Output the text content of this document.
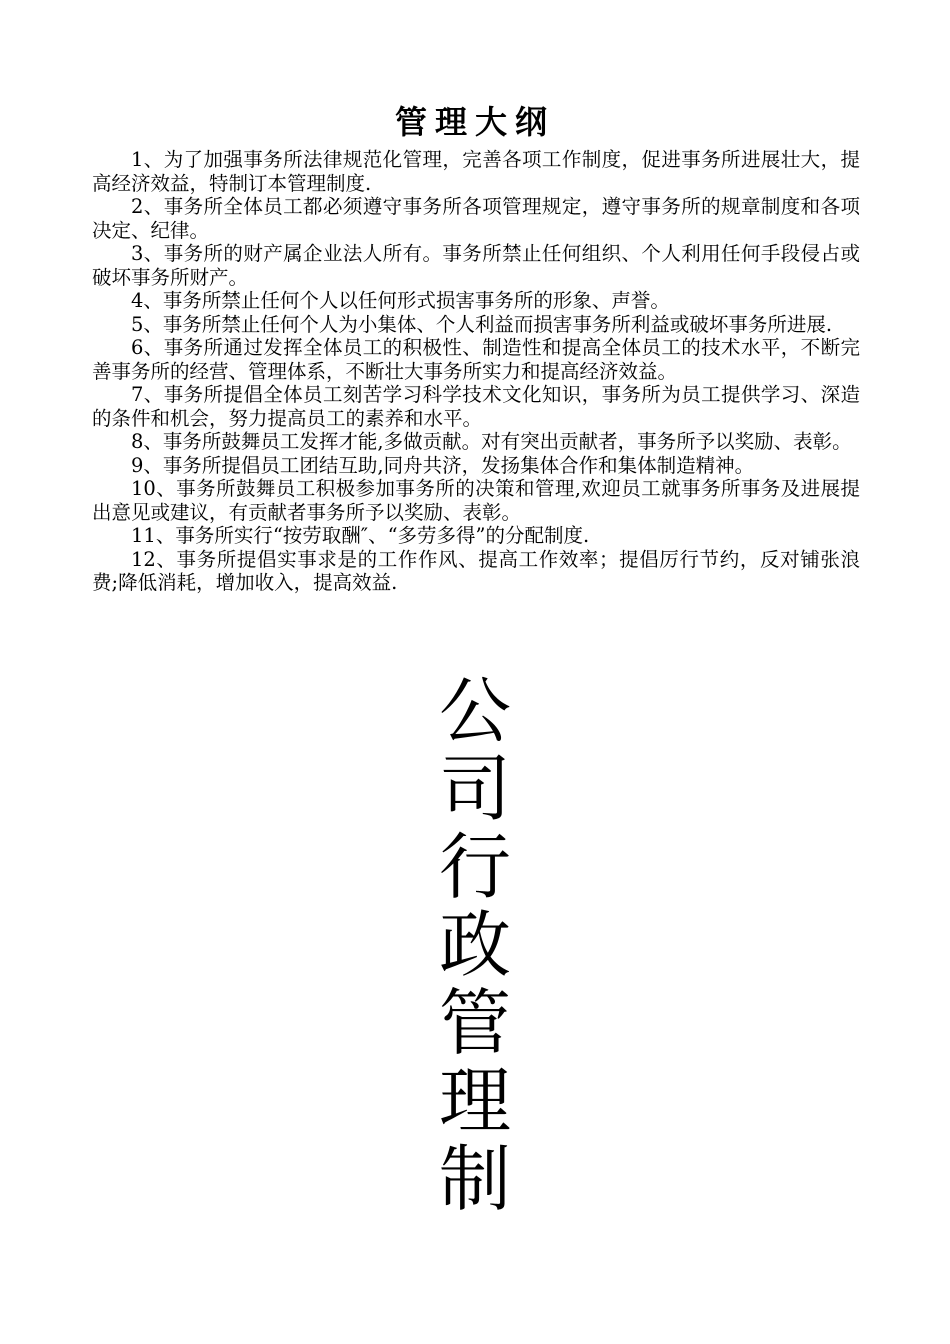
管理大纲

1、为了加强事务所法律规范化管理，完善各项工作制度，促进事务所进展壮大，提高经济效益，特制订本管理制度.

2、事务所全体员工都必须遵守事务所各项管理规定，遵守事务所的规章制度和各项决定、纪律。

3、事务所的财产属企业法人所有。事务所禁止任何组织、个人利用任何手段侵占或破坏事务所财产。

4、事务所禁止任何个人以任何形式损害事务所的形象、声誉。

5、事务所禁止任何个人为小集体、个人利益而损害事务所利益或破坏事务所进展.

6、事务所通过发挥全体员工的积极性、制造性和提高全体员工的技术水平，不断完善事务所的经营、管理体系，不断壮大事务所实力和提高经济效益。

7、事务所提倡全体员工刻苦学习科学技术文化知识，事务所为员工提供学习、深造的条件和机会，努力提高员工的素养和水平。

8、事务所鼓舞员工发挥才能,多做贡献。对有突出贡献者，事务所予以奖励、表彰。

9、事务所提倡员工团结互助,同舟共济，发扬集体合作和集体制造精神。

10、事务所鼓舞员工积极参加事务所的决策和管理,欢迎员工就事务所事务及进展提出意见或建议，有贡献者事务所予以奖励、表彰。

11、事务所实行“按劳取酬″、“多劳多得”的分配制度.

12、事务所提倡实事求是的工作作风、提高工作效率；提倡厉行节约，反对铺张浪费;降低消耗，增加收入，提高效益.

公
司
行
政
管
理
制
